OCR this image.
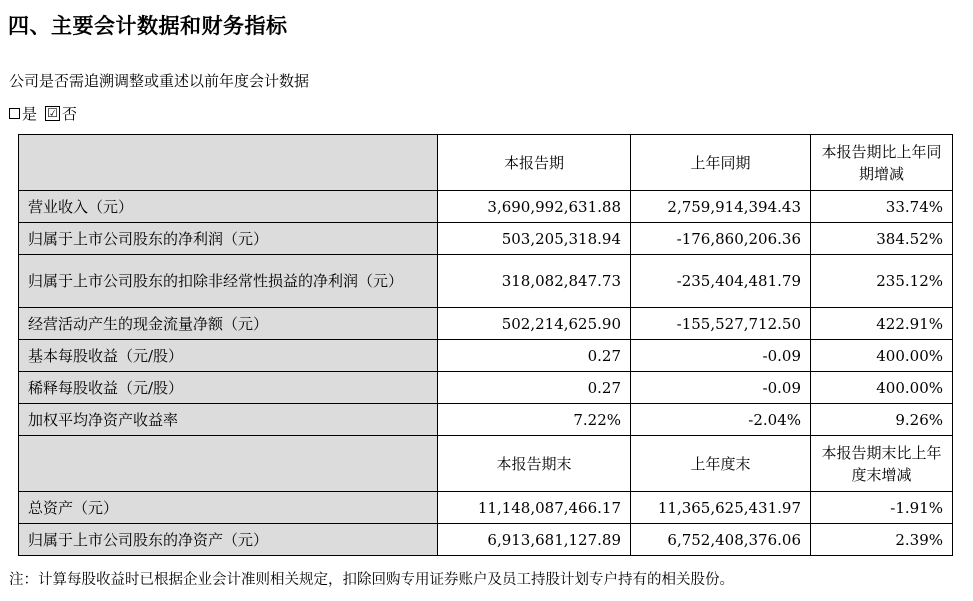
四、主要会计数据和财务指标
公司是否需追溯调整或重述以前年度会计数据
是 ☑ 否
	本报告期	上年同期	本报告期比上年同期增减
营业收入（元）	3,690,992,631.88	2,759,914,394.43	33.74%
归属于上市公司股东的净利润（元）	503,205,318.94	-176,860,206.36	384.52%
归属于上市公司股东的扣除非经常性损益的净利润（元）	318,082,847.73	-235,404,481.79	235.12%
经营活动产生的现金流量净额（元）	502,214,625.90	-155,527,712.50	422.91%
基本每股收益（元/股）	0.27	-0.09	400.00%
稀释每股收益（元/股）	0.27	-0.09	400.00%
加权平均净资产收益率	7.22%	-2.04%	9.26%
	本报告期末	上年度末	本报告期末比上年度末增减
总资产（元）	11,148,087,466.17	11,365,625,431.97	-1.91%
归属于上市公司股东的净资产（元）	6,913,681,127.89	6,752,408,376.06	2.39%
注：计算每股收益时已根据企业会计准则相关规定，扣除回购专用证券账户及员工持股计划专户持有的相关股份。
